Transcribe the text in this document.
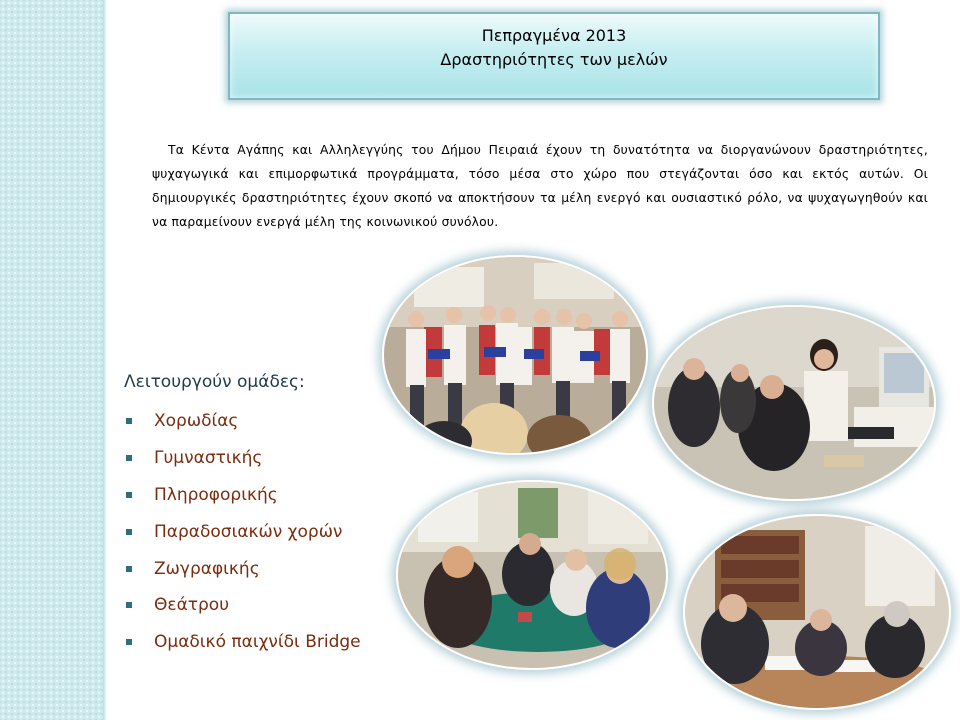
Πεπραγμένα 2013
Δραστηριότητες των μελών

Τα Κέντα Αγάπης και Αλληλεγγύης του Δήμου Πειραιά έχουν τη δυνατότητα να διοργανώνουν δραστηριότητες, ψυχαγωγικά και επιμορφωτικά προγράμματα, τόσο μέσα στο χώρο που στεγάζονται όσο και εκτός αυτών. Οι δημιουργικές δραστηριότητες έχουν σκοπό να αποκτήσουν τα μέλη ενεργό και ουσιαστικό ρόλο, να ψυχαγωγηθούν και να παραμείνουν ενεργά μέλη της κοινωνικού συνόλου.

Λειτουργούν ομάδες:
Χορωδίας
Γυμναστικής
Πληροφορικής
Παραδοσιακών χορών
Ζωγραφικής
Θεάτρου
Ομαδικό παιχνίδι Bridge
